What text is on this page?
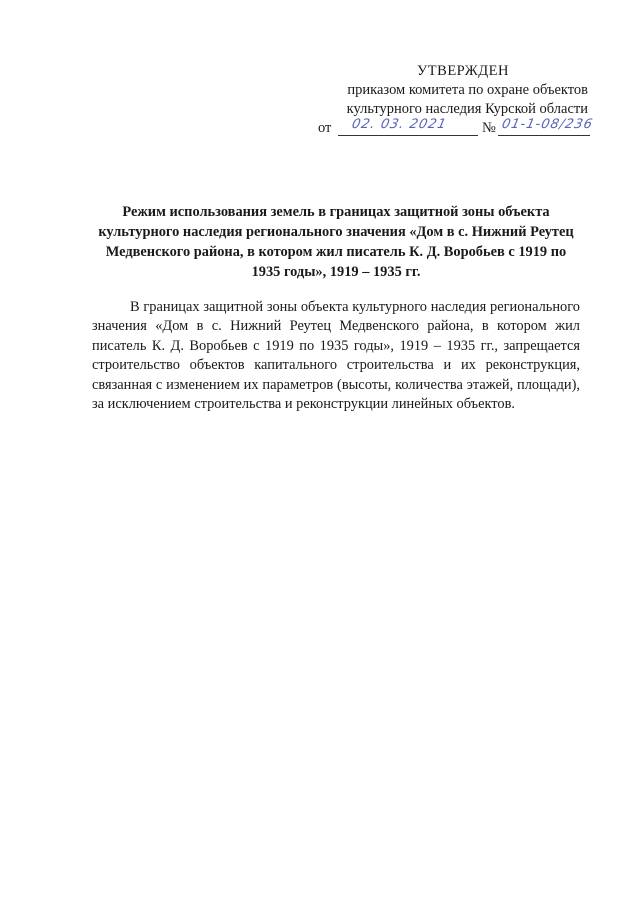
УТВЕРЖДЕН
приказом комитета по охране объектов
культурного наследия Курской области
от 02. 03. 2021 № 01-1-08/236
Режим использования земель в границах защитной зоны объекта культурного наследия регионального значения «Дом в с. Нижний Реутец Медвенского района, в котором жил писатель К. Д. Воробьев с 1919 по 1935 годы», 1919 – 1935 гг.
В границах защитной зоны объекта культурного наследия регионального значения «Дом в с. Нижний Реутец Медвенского района, в котором жил писатель К. Д. Воробьев с 1919 по 1935 годы», 1919 – 1935 гг., запрещается строительство объектов капитального строительства и их реконструкция, связанная с изменением их параметров (высоты, количества этажей, площади), за исключением строительства и реконструкции линейных объектов.
